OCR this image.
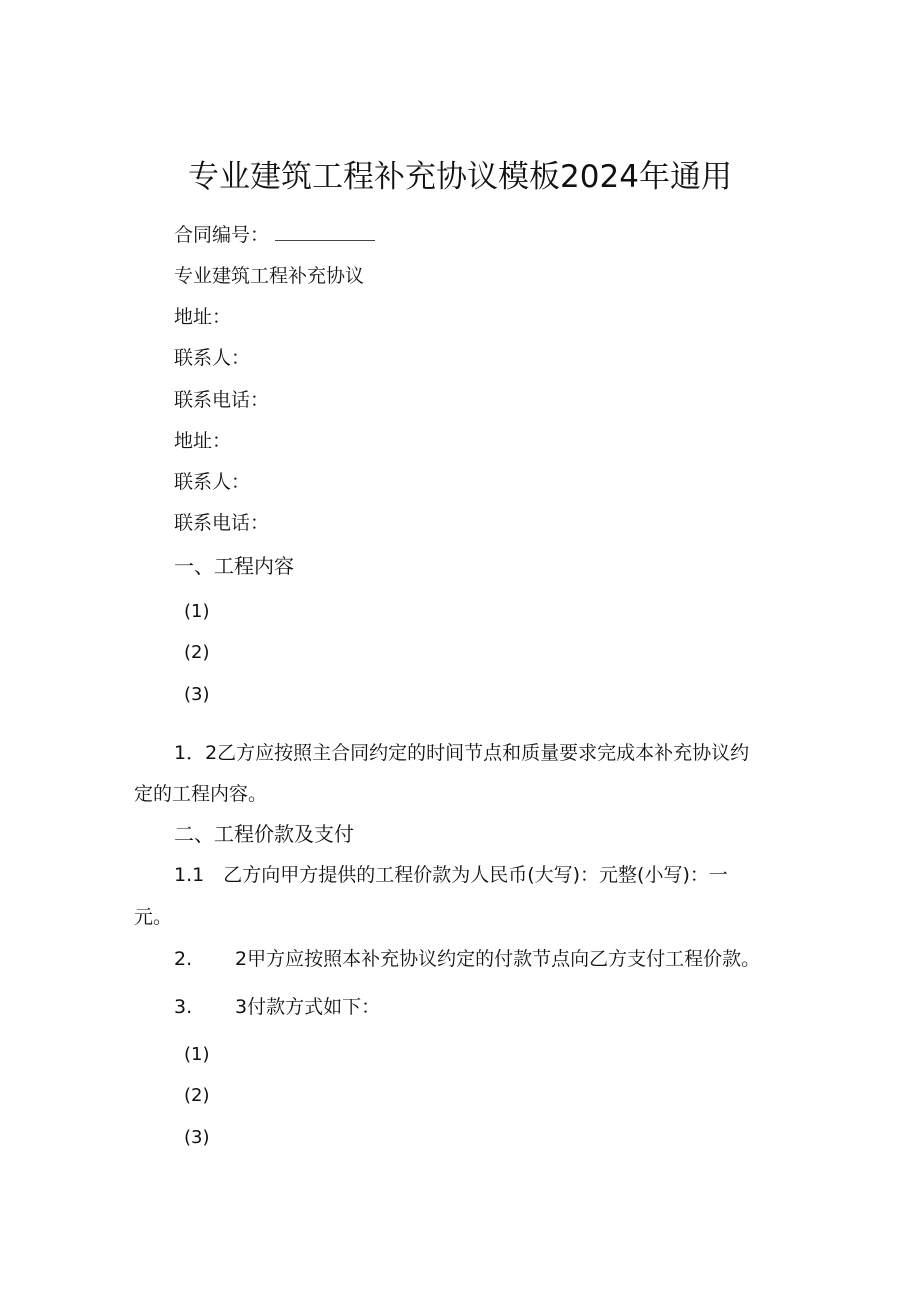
专业建筑工程补充协议模板2024年通用
合同编号：
专业建筑工程补充协议
地址：
联系人：
联系电话：
地址：
联系人：
联系电话：
一、工程内容
(1)
(2)
(3)
1．2乙方应按照主合同约定的时间节点和质量要求完成本补充协议约
定的工程内容。
二、工程价款及支付
1.1　乙方向甲方提供的工程价款为人民币(大写)：元整(小写)：一
元。
2. 2甲方应按照本补充协议约定的付款节点向乙方支付工程价款。
3. 3付款方式如下：
(1)
(2)
(3)
